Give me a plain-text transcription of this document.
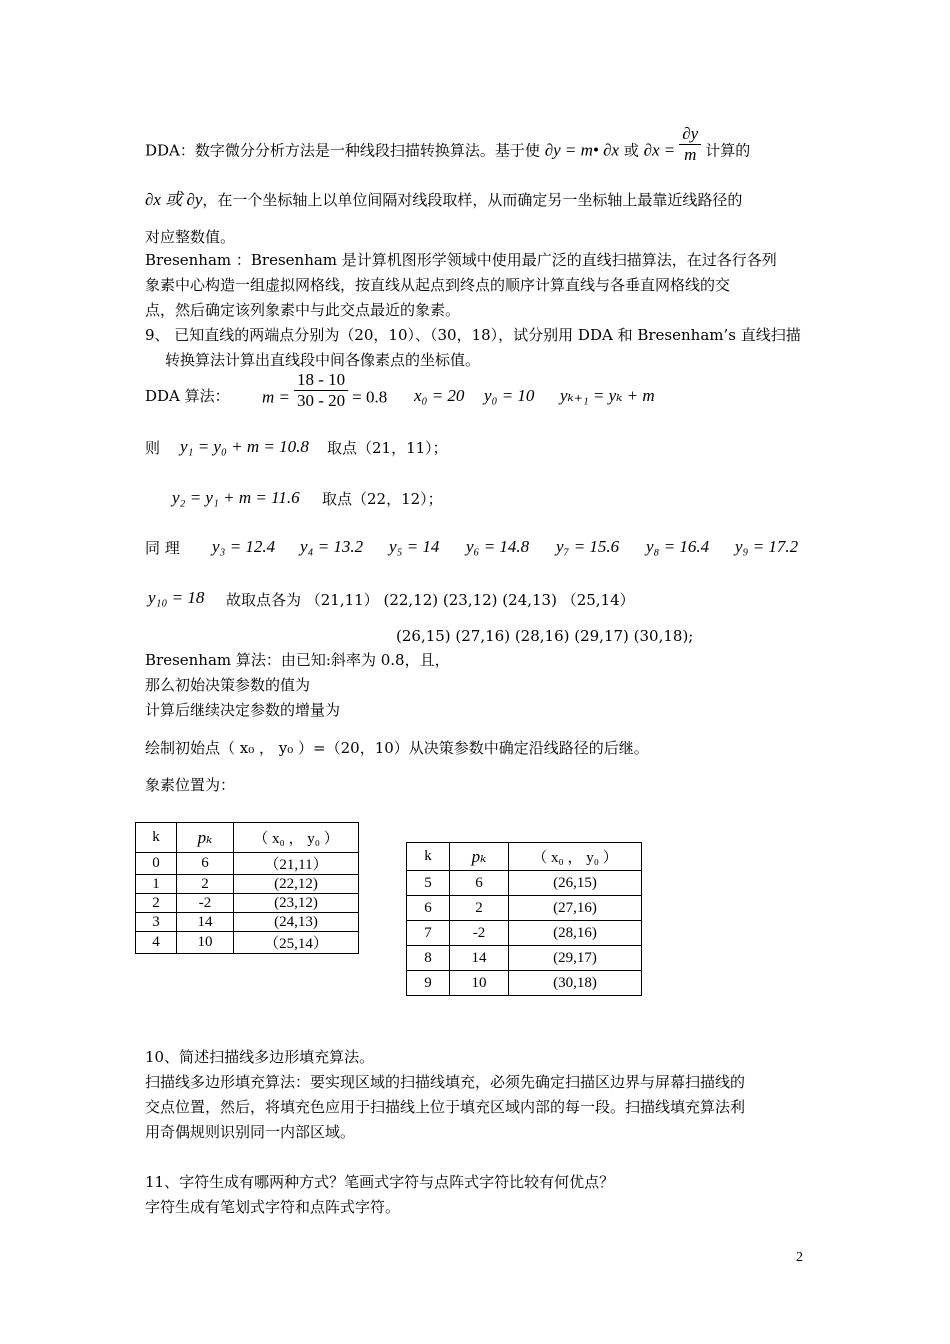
DDA：数字微分分析方法是一种线段扫描转换算法。基于使 ∂y = m• ∂x 或 $\partial x = \frac{\partial y}{m}$ 计算的
∂x 或 ∂y，在一个坐标轴上以单位间隔对线段取样，从而确定另一坐标轴上最靠近线路径的
对应整数值。
Bresenham ：Bresenham 是计算机图形学领域中使用最广泛的直线扫描算法，在过各行各列
象素中心构造一组虚拟网格线，按直线从起点到终点的顺序计算直线与各垂直网格线的交
点，然后确定该列象素中与此交点最近的象素。
9、 已知直线的两端点分别为（20，10）、（30，18），试分别用 DDA 和 Bresenham’s 直线扫描
转换算法计算出直线段中间各像素点的坐标值。
DDA 算法： $m = \frac{18 - 10}{30 - 20} = 0.8$ x₀ = 20 y₀ = 10 yₖ₊₁ = yₖ + m
则 y₁ = y₀ + m = 10.8 取点（21，11）；
y₂ = y₁ + m = 11.6 取点（22，12）；
同 理 y₃ = 12.4 y₄ = 13.2 y₅ = 14 y₆ = 14.8 y₇ = 15.6 y₈ = 16.4 y₉ = 17.2
y₁₀ = 18 故取点各为 （21,11） (22,12) (23,12) (24,13) （25,14）
(26,15) (27,16) (28,16) (29,17) (30,18);
Bresenham 算法：由已知:斜率为 0.8，且，
那么初始决策参数的值为
计算后继续决定参数的增量为
绘制初始点（ x₀ ， y₀ ）=（20，10）从决策参数中确定沿线路径的后继。
象素位置为：
k	pₖ	（ x₀ ， y₀ ）
0	6	（21,11）
1	2	(22,12)
2	-2	(23,12)
3	14	(24,13)
4	10	（25,14）
k	pₖ	（ x₀ ， y₀ ）
5	6	(26,15)
6	2	(27,16)
7	-2	(28,16)
8	14	(29,17)
9	10	(30,18)
10、简述扫描线多边形填充算法。
扫描线多边形填充算法：要实现区域的扫描线填充，必须先确定扫描区边界与屏幕扫描线的
交点位置，然后，将填充色应用于扫描线上位于填充区域内部的每一段。扫描线填充算法利
用奇偶规则识别同一内部区域。
11、字符生成有哪两种方式？笔画式字符与点阵式字符比较有何优点？
字符生成有笔划式字符和点阵式字符。
2
